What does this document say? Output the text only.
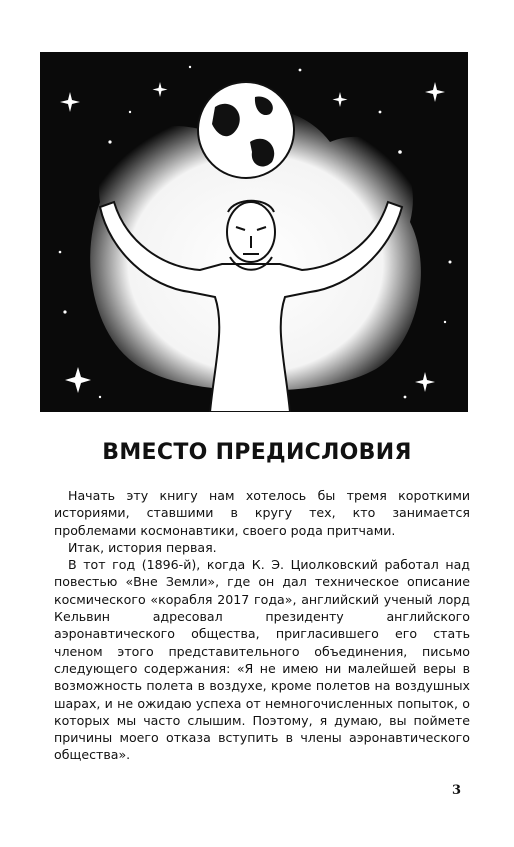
ВМЕСТО ПРЕДИСЛОВИЯ

Начать эту книгу нам хотелось бы тремя короткими историями, ставшими в кругу тех, кто занимается проблемами космонавтики, своего рода притчами.

Итак, история первая.

В тот год (1896-й), когда К. Э. Циолковский работал над повестью «Вне Земли», где он дал техническое описание космического «корабля 2017 года», английский ученый лорд Кельвин адресовал президенту английского аэронавтического общества, пригласившего его стать членом этого представительного объединения, письмо следующего содержания: «Я не имею ни малейшей веры в возможность полета в воздухе, кроме полетов на воздушных шарах, и не ожидаю успеха от немногочисленных попыток, о которых мы часто слышим. Поэтому, я думаю, вы поймете причины моего отказа вступить в члены аэронавтического общества».

3
